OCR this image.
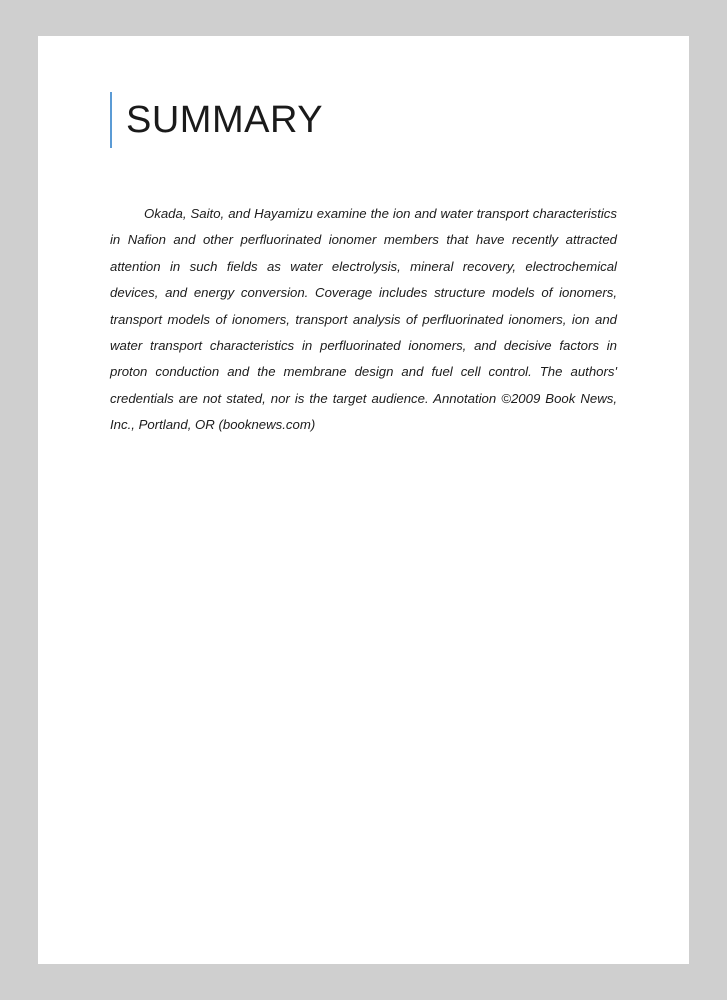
SUMMARY

Okada, Saito, and Hayamizu examine the ion and water transport characteristics in Nafion and other perfluorinated ionomer members that have recently attracted attention in such fields as water electrolysis, mineral recovery, electrochemical devices, and energy conversion. Coverage includes structure models of ionomers, transport models of ionomers, transport analysis of perfluorinated ionomers, ion and water transport characteristics in perfluorinated ionomers, and decisive factors in proton conduction and the membrane design and fuel cell control. The authors' credentials are not stated, nor is the target audience. Annotation ©2009 Book News, Inc., Portland, OR (booknews.com)
